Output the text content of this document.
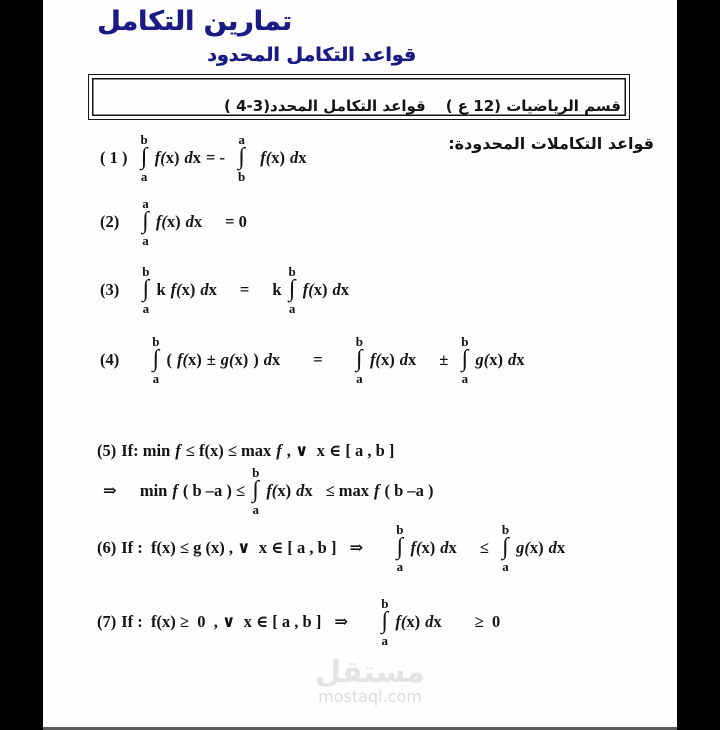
تمارين التكامل
قواعد التكامل المحدود
قواعد التكامل المحدد(3-4 ) قسم الرياضيات (12 ع )
قواعد التكاملات المحدودة:
( 1 )
b
∫
a
f(x) dx = -
a
∫
b
f(x) dx
(2)
a
∫
a
f(x) dx = 0
(3)
b
∫
a
k f(x) dx = k
b
∫
a
f(x) dx
(4)
b
∫
a
( f(x) ± g(x) ) dx =
b
∫
a
f(x) dx ±
b
∫
a
g(x) dx
(5) If: min f ≤ f(x) ≤ max f , ∨  x ∈ [ a , b ]
⇒ min f ( b –a ) ≤
b
∫
a
f(x) dx ≤ max f ( b –a )
(6) If :  f(x) ≤ g (x) , ∨  x ∈ [ a , b ] ⇒
b
∫
a
f(x) dx ≤
b
∫
a
g(x) dx
(7) If :  f(x) ≥  0  , ∨  x ∈ [ a , b ] ⇒
b
∫
a
f(x) dx ≥  0
مستقل
mostaql.com
